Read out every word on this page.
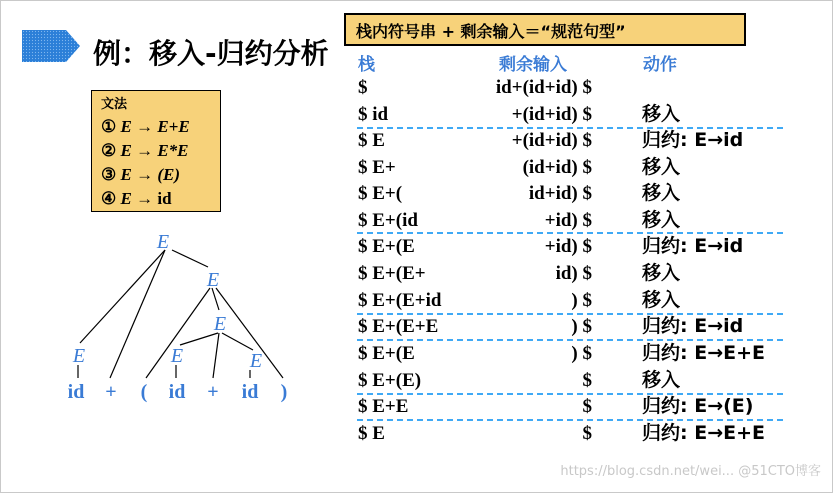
例：移入-归约分析
栈内符号串 + 剩余输入＝“规范句型”
文法
① E → E+E
② E → E*E
③ E → (E)
④ E → id
E
E
E
E	E	E
id + ( id + id )
栈	剩余输入	动作
$	id+(id+id) $
$ id	+(id+id) $	移入
$ E	+(id+id) $	归约: E→id
$ E+	(id+id) $	移入
$ E+(	id+id) $	移入
$ E+(id	+id) $	移入
$ E+(E	+id) $	归约: E→id
$ E+(E+	id) $	移入
$ E+(E+id	) $	移入
$ E+(E+E	) $	归约: E→id
$ E+(E	) $	归约: E→E+E
$ E+(E)	$	移入
$ E+E	$	归约: E→(E)
$ E	$	归约: E→E+E
https://blog.csdn.net/wei... @51CTO博客
